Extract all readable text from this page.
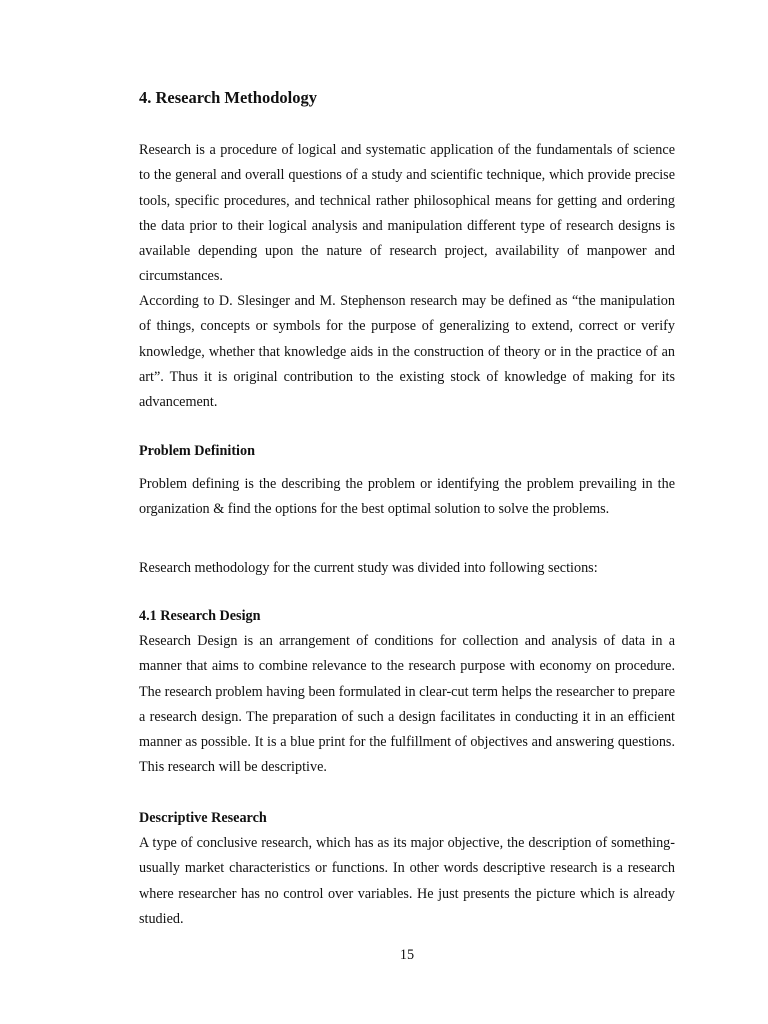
4. Research Methodology

Research is a procedure of logical and systematic application of the fundamentals of science to the general and overall questions of a study and scientific technique, which provide precise tools, specific procedures, and technical rather philosophical means for getting and ordering the data prior to their logical analysis and manipulation different type of research designs is available depending upon the nature of research project, availability of manpower and circumstances.

According to D. Slesinger and M. Stephenson research may be defined as “the manipulation of things, concepts or symbols for the purpose of generalizing to extend, correct or verify knowledge, whether that knowledge aids in the construction of theory or in the practice of an art”. Thus it is original contribution to the existing stock of knowledge of making for its advancement.

Problem Definition

Problem defining is the describing the problem or identifying the problem prevailing in the organization & find the options for the best optimal solution to solve the problems.

Research methodology for the current study was divided into following sections:

4.1 Research Design

Research Design is an arrangement of conditions for collection and analysis of data in a manner that aims to combine relevance to the research purpose with economy on procedure. The research problem having been formulated in clear-cut term helps the researcher to prepare a research design. The preparation of such a design facilitates in conducting it in an efficient manner as possible. It is a blue print for the fulfillment of objectives and answering questions. This research will be descriptive.

Descriptive Research

A type of conclusive research, which has as its major objective, the description of something-usually market characteristics or functions. In other words descriptive research is a research where researcher has no control over variables. He just presents the picture which is already studied.

15
